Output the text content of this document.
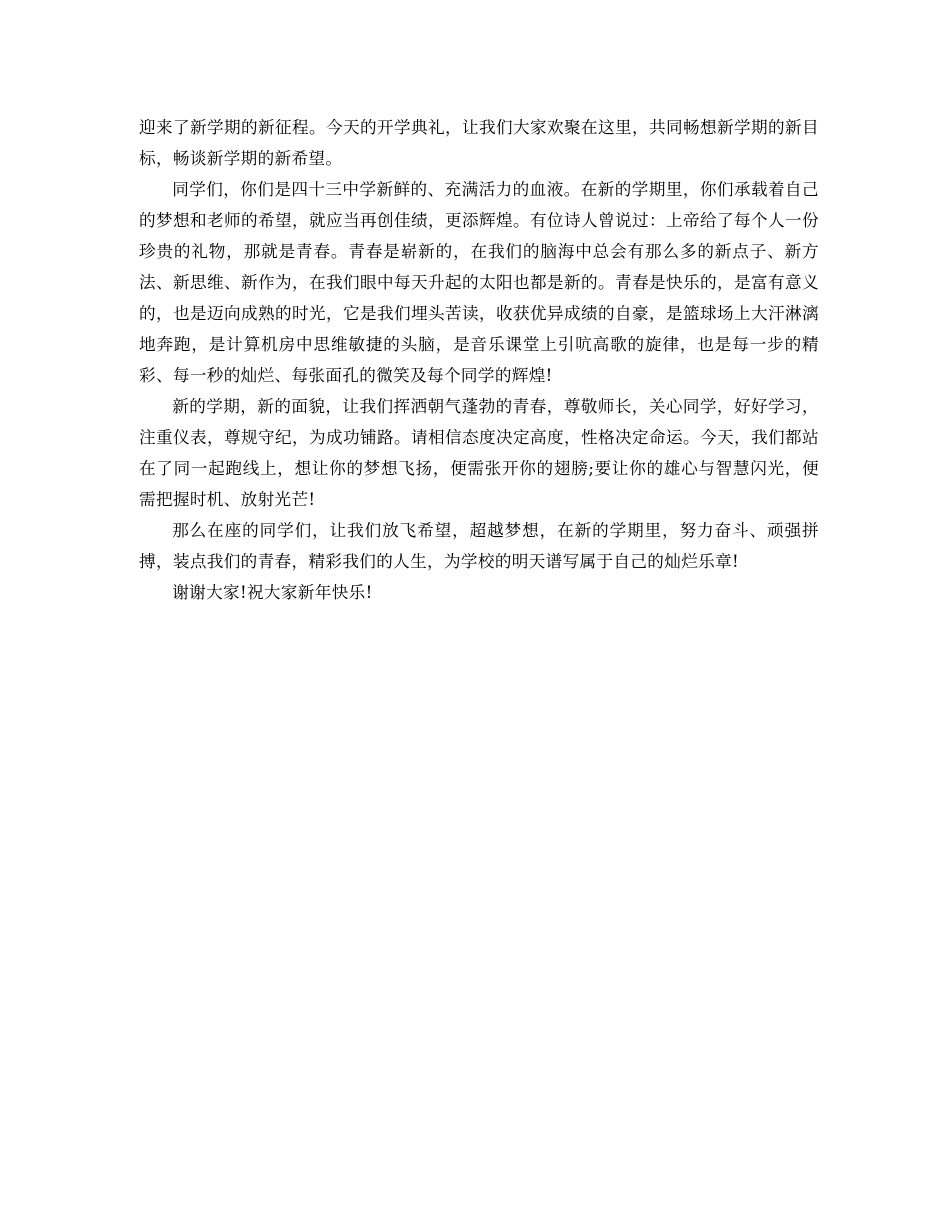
迎来了新学期的新征程。今天的开学典礼，让我们大家欢聚在这里，共同畅想新学期的新目标，畅谈新学期的新希望。

同学们，你们是四十三中学新鲜的、充满活力的血液。在新的学期里，你们承载着自己的梦想和老师的希望，就应当再创佳绩，更添辉煌。有位诗人曾说过：上帝给了每个人一份珍贵的礼物，那就是青春。青春是崭新的，在我们的脑海中总会有那么多的新点子、新方法、新思维、新作为，在我们眼中每天升起的太阳也都是新的。青春是快乐的，是富有意义的，也是迈向成熟的时光，它是我们埋头苦读，收获优异成绩的自豪，是篮球场上大汗淋漓地奔跑，是计算机房中思维敏捷的头脑，是音乐课堂上引吭高歌的旋律，也是每一步的精彩、每一秒的灿烂、每张面孔的微笑及每个同学的辉煌!

新的学期，新的面貌，让我们挥洒朝气蓬勃的青春，尊敬师长，关心同学，好好学习，注重仪表，尊规守纪，为成功铺路。请相信态度决定高度，性格决定命运。今天，我们都站在了同一起跑线上，想让你的梦想飞扬，便需张开你的翅膀;要让你的雄心与智慧闪光，便需把握时机、放射光芒!

那么在座的同学们，让我们放飞希望，超越梦想，在新的学期里，努力奋斗、顽强拼搏，装点我们的青春，精彩我们的人生，为学校的明天谱写属于自己的灿烂乐章!

谢谢大家!祝大家新年快乐!
